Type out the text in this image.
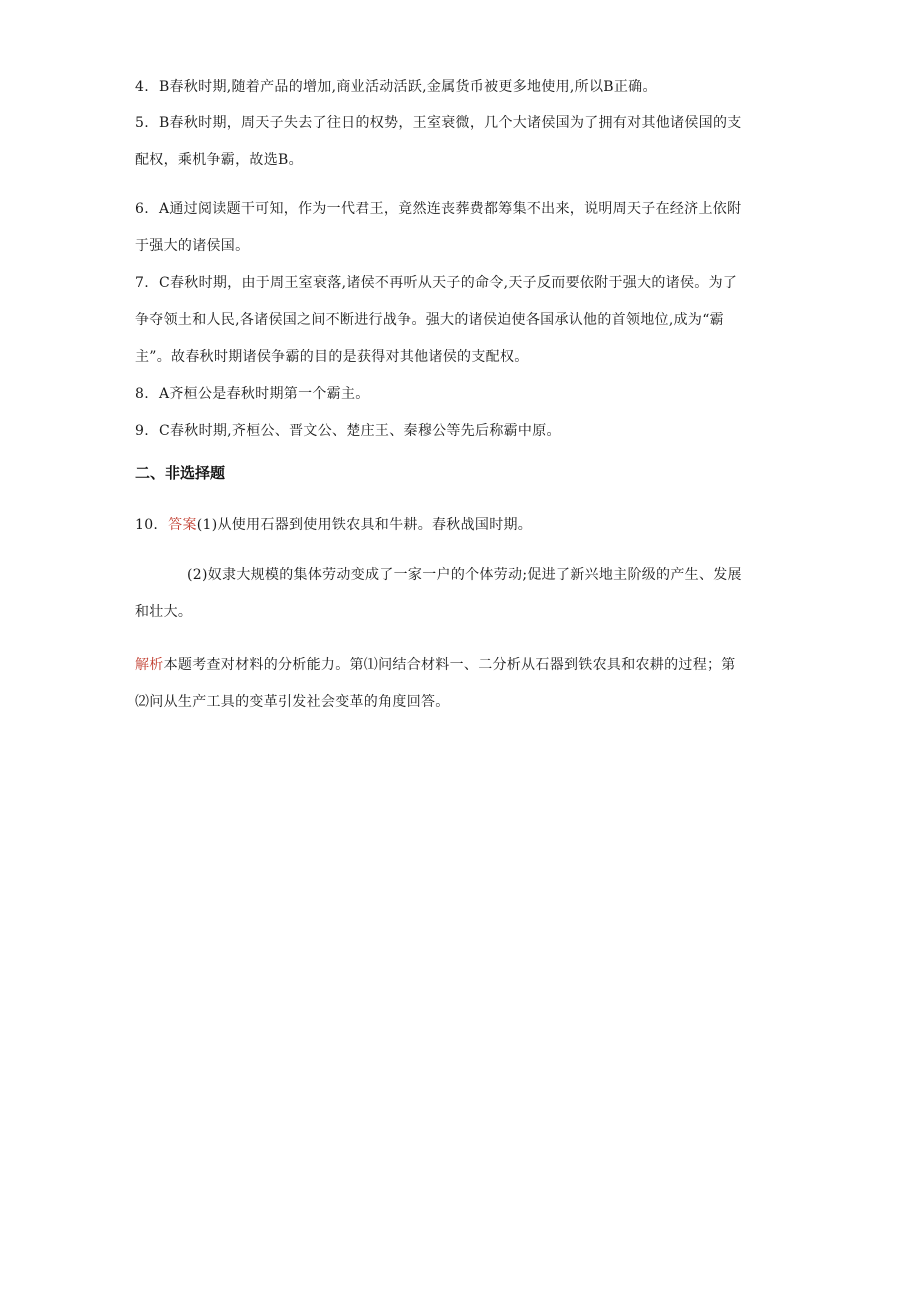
4. B春秋时期,随着产品的增加,商业活动活跃,金属货币被更多地使用,所以B正确。
5. B春秋时期，周天子失去了往日的权势，王室衰微，几个大诸侯国为了拥有对其他诸侯国的支
配权，乘机争霸，故选B。
6. A通过阅读题干可知，作为一代君王，竟然连丧葬费都筹集不出来，说明周天子在经济上依附
于强大的诸侯国。
7. C春秋时期，由于周王室衰落,诸侯不再听从天子的命令,天子反而要依附于强大的诸侯。为了
争夺领土和人民,各诸侯国之间不断进行战争。强大的诸侯迫使各国承认他的首领地位,成为“霸
主”。故春秋时期诸侯争霸的目的是获得对其他诸侯的支配权。
8. A齐桓公是春秋时期第一个霸主。
9. C春秋时期,齐桓公、晋文公、楚庄王、秦穆公等先后称霸中原。
二、非选择题
10. 答案(1)从使用石器到使用铁农具和牛耕。春秋战国时期。
(2)奴隶大规模的集体劳动变成了一家一户的个体劳动;促进了新兴地主阶级的产生、发展
和壮大。
解析本题考查对材料的分析能力。第⑴问结合材料一、二分析从石器到铁农具和农耕的过程；第
⑵问从生产工具的变革引发社会变革的角度回答。
